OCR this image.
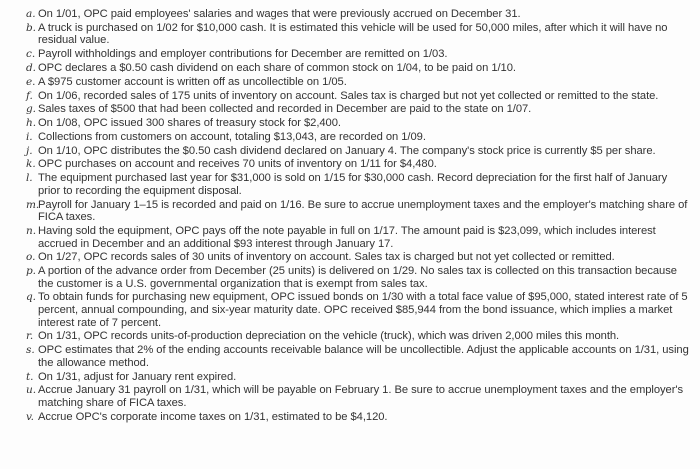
a. On 1/01, OPC paid employees' salaries and wages that were previously accrued on December 31.
b. A truck is purchased on 1/02 for $10,000 cash. It is estimated this vehicle will be used for 50,000 miles, after which it will have no residual value.
c. Payroll withholdings and employer contributions for December are remitted on 1/03.
d. OPC declares a $0.50 cash dividend on each share of common stock on 1/04, to be paid on 1/10.
e. A $975 customer account is written off as uncollectible on 1/05.
f. On 1/06, recorded sales of 175 units of inventory on account. Sales tax is charged but not yet collected or remitted to the state.
g. Sales taxes of $500 that had been collected and recorded in December are paid to the state on 1/07.
h. On 1/08, OPC issued 300 shares of treasury stock for $2,400.
i. Collections from customers on account, totaling $13,043, are recorded on 1/09.
j. On 1/10, OPC distributes the $0.50 cash dividend declared on January 4. The company's stock price is currently $5 per share.
k. OPC purchases on account and receives 70 units of inventory on 1/11 for $4,480.
l. The equipment purchased last year for $31,000 is sold on 1/15 for $30,000 cash. Record depreciation for the first half of January prior to recording the equipment disposal.
m.
Payroll for January 1–15 is recorded and paid on 1/16. Be sure to accrue unemployment taxes and the employer's matching share of FICA taxes.
n. Having sold the equipment, OPC pays off the note payable in full on 1/17. The amount paid is $23,099, which includes interest accrued in December and an additional $93 interest through January 17.
o. On 1/27, OPC records sales of 30 units of inventory on account. Sales tax is charged but not yet collected or remitted.
p. A portion of the advance order from December (25 units) is delivered on 1/29. No sales tax is collected on this transaction because the customer is a U.S. governmental organization that is exempt from sales tax.
q. To obtain funds for purchasing new equipment, OPC issued bonds on 1/30 with a total face value of $95,000, stated interest rate of 5 percent, annual compounding, and six-year maturity date. OPC received $85,944 from the bond issuance, which implies a market interest rate of 7 percent.
r. On 1/31, OPC records units-of-production depreciation on the vehicle (truck), which was driven 2,000 miles this month.
s. OPC estimates that 2% of the ending accounts receivable balance will be uncollectible. Adjust the applicable accounts on 1/31, using the allowance method.
t. On 1/31, adjust for January rent expired.
u. Accrue January 31 payroll on 1/31, which will be payable on February 1. Be sure to accrue unemployment taxes and the employer's matching share of FICA taxes.
v. Accrue OPC's corporate income taxes on 1/31, estimated to be $4,120.
